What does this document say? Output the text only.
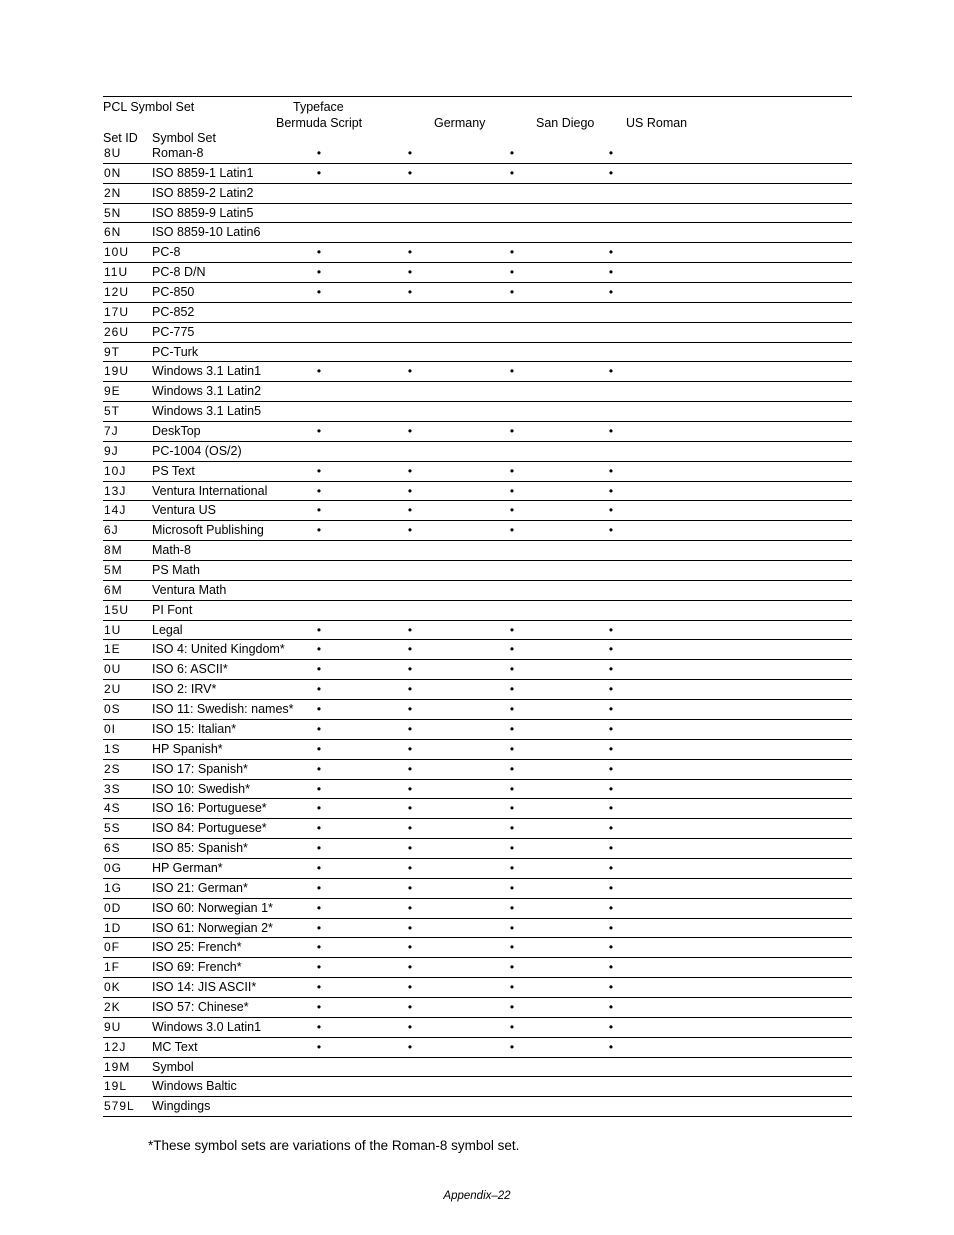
PCL Symbol Set	Typeface
Bermuda Script	Germany	San Diego	US Roman
Set ID Symbol Set
8U Roman-8	•	•	•	•
0N ISO 8859-1 Latin1	•	•	•	•
2N ISO 8859-2 Latin2
5N ISO 8859-9 Latin5
6N ISO 8859-10 Latin6
10U PC-8	•	•	•	•
11U PC-8 D/N	•	•	•	•
12U PC-850	•	•	•	•
17U PC-852
26U PC-775
9T	PC-Turk
19U Windows 3.1 Latin1	•	•	•	•
9E	Windows 3.1 Latin2
5T	Windows 3.1 Latin5
7J	DeskTop	•	•	•	•
9J	PC-1004 (OS/2)
10J PS Text	•	•	•	•
13J Ventura International	•	•	•	•
14J Ventura US	•	•	•	•
6J	Microsoft Publishing	•	•	•	•
8M Math-8
5M PS Math
6M Ventura Math
15U PI Font
1U Legal	•	•	•	•
1E	ISO 4: United Kingdom*	•	•	•	•
0U ISO 6: ASCII*	•	•	•	•
2U ISO 2: IRV*	•	•	•	•
0S	ISO 11: Swedish: names* •	•	•	•
0I	ISO 15: Italian*	•	•	•	•
1S	HP Spanish*	•	•	•	•
2S	ISO 17: Spanish*	•	•	•	•
3S	ISO 10: Swedish*	•	•	•	•
4S	ISO 16: Portuguese*	•	•	•	•
5S	ISO 84: Portuguese*	•	•	•	•
6S	ISO 85: Spanish*	•	•	•	•
0G HP German*	•	•	•	•
1G ISO 21: German*	•	•	•	•
0D ISO 60: Norwegian 1*	•	•	•	•
1D ISO 61: Norwegian 2*	•	•	•	•
0F	ISO 25: French*	•	•	•	•
1F	ISO 69: French*	•	•	•	•
0K	ISO 14: JIS ASCII*	•	•	•	•
2K	ISO 57: Chinese*	•	•	•	•
9U Windows 3.0 Latin1	•	•	•	•
12J MC Text	•	•	•	•
19M Symbol
19L Windows Baltic
579L Wingdings
*These symbol sets are variations of the Roman-8 symbol set.
Appendix–22
